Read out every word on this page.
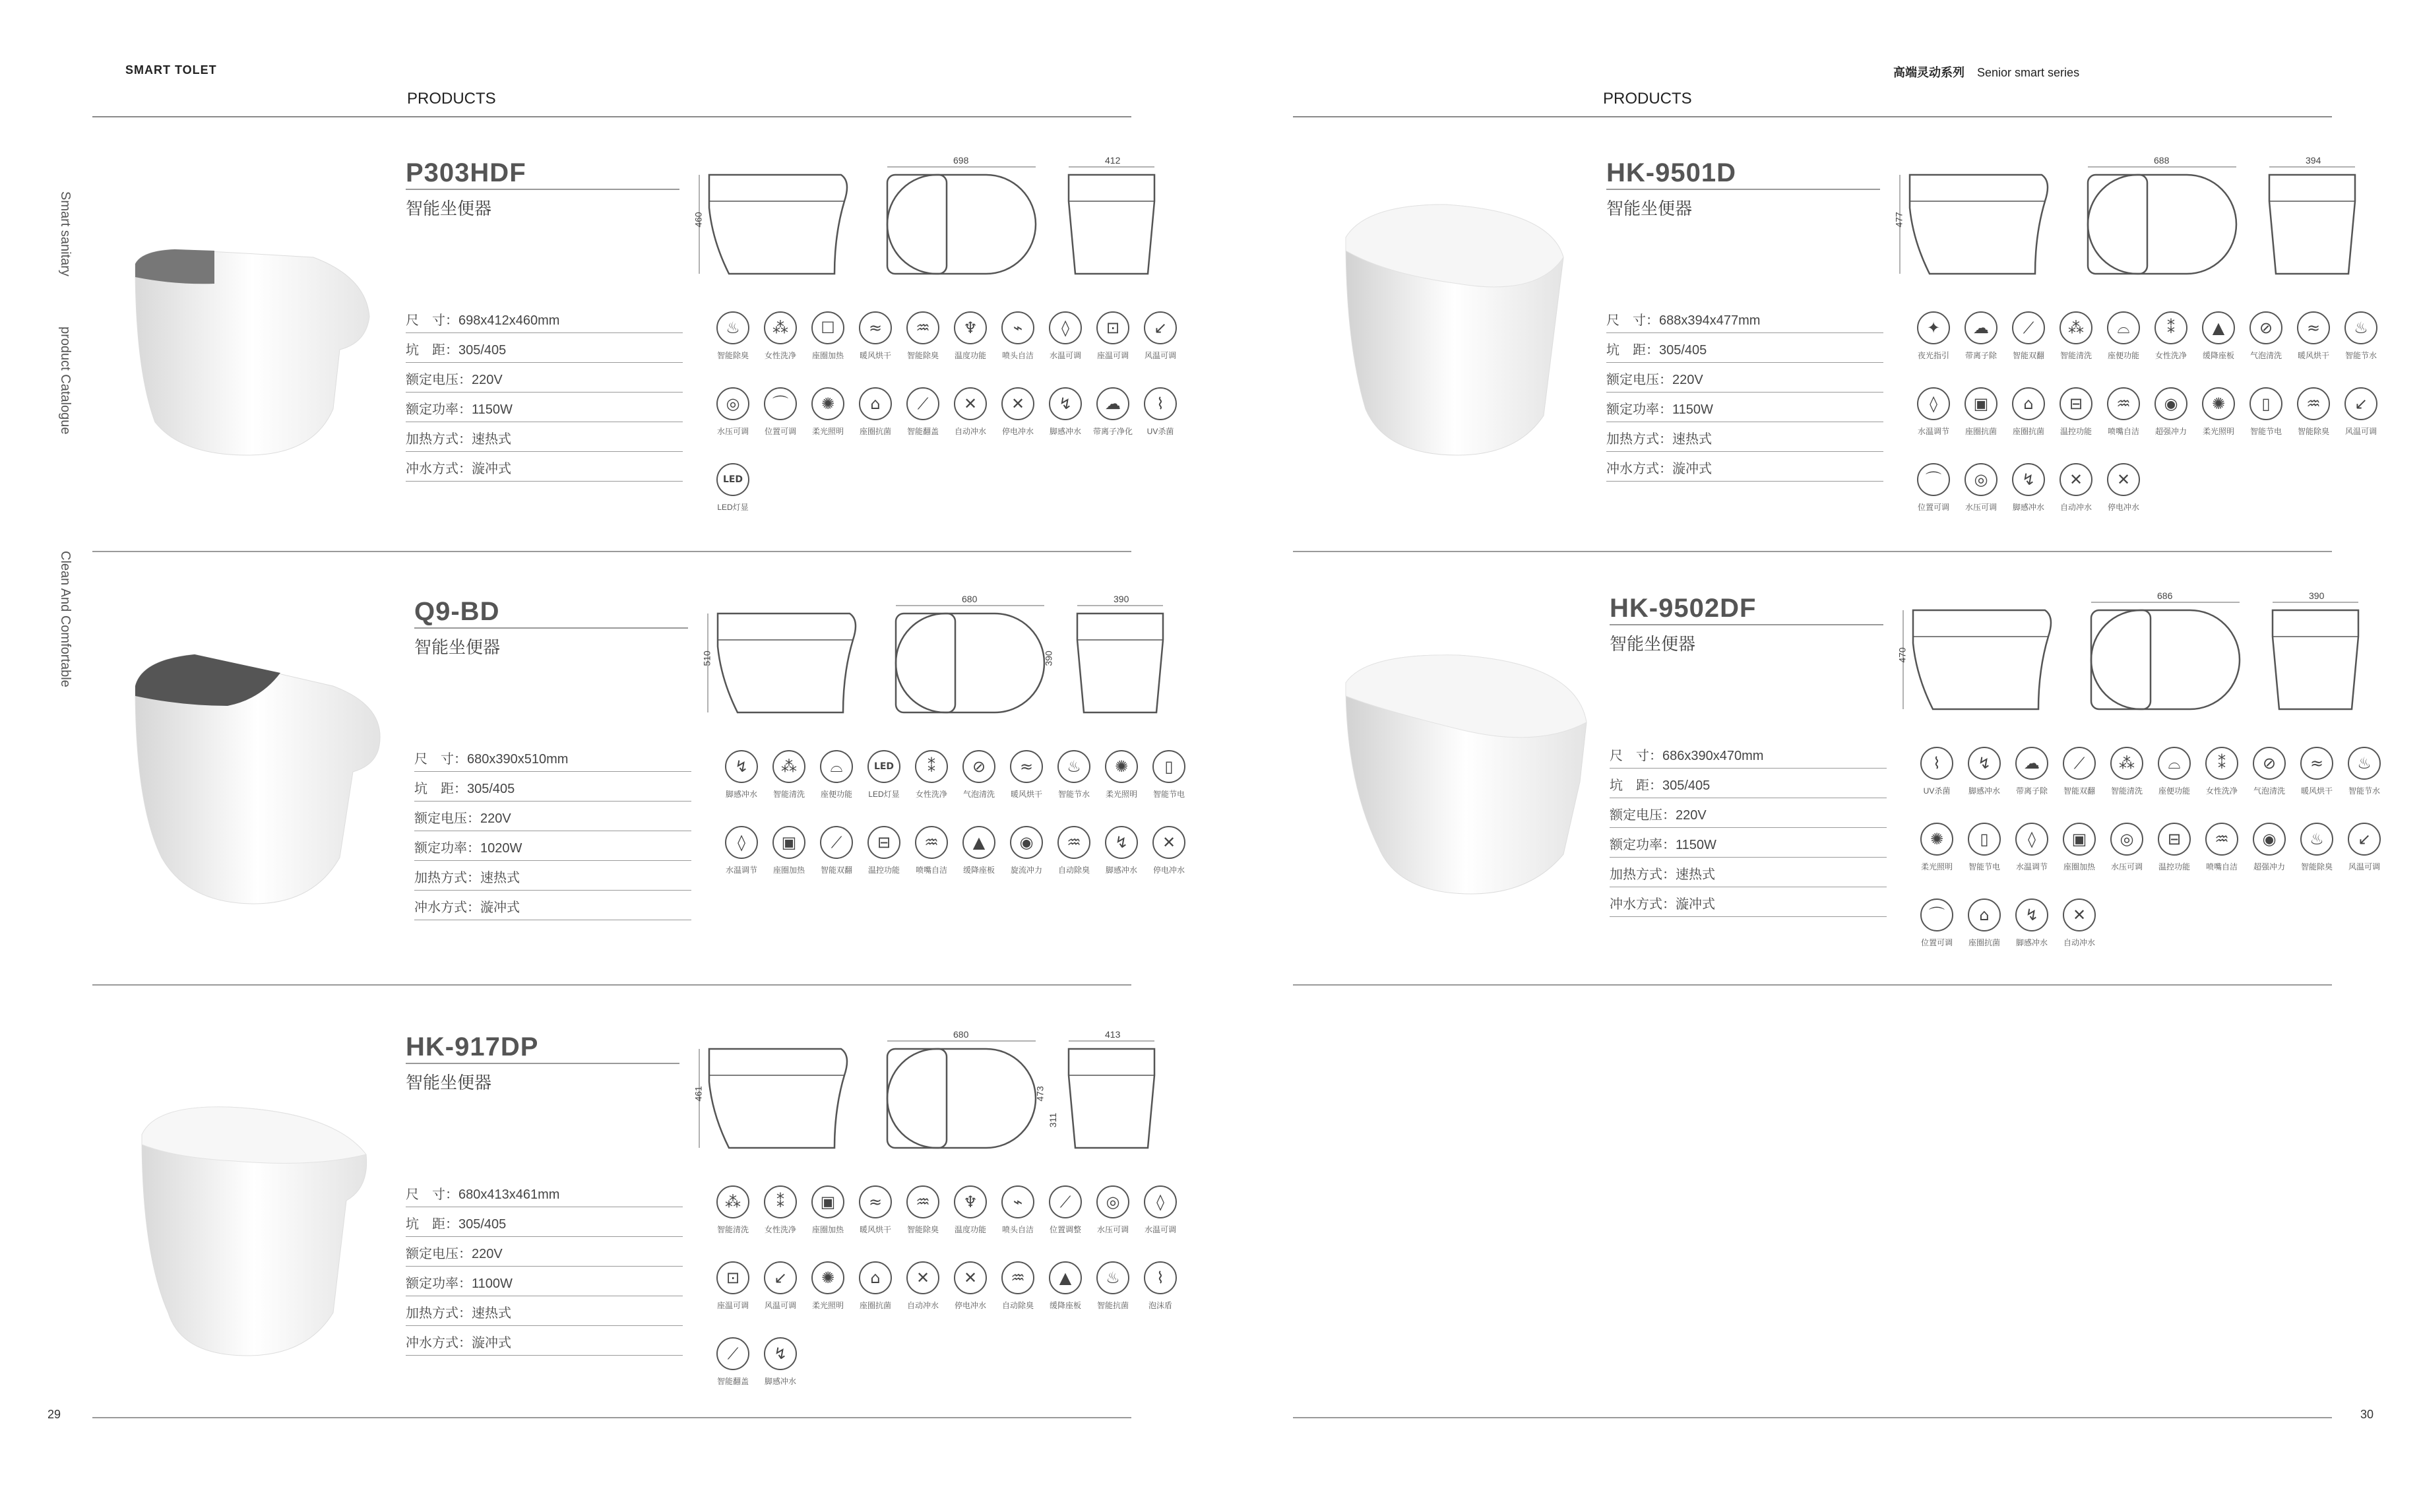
SMART TOLET	高端灵动系列 Senior smart series
PRODUCTS	PRODUCTS
Smart sanitary
product Catalogue
Clean And Comfortable
29	30
P303HDF
智能坐便器
尺　寸：698x412x460mm
坑　距：305/405
额定电压：220V
额定功率：1150W
加热方式：速热式
冲水方式：漩冲式
460
698	412
♨
智能除臭
⁂
女性洗净
☐
座圈加热
≈
暖风烘干
♒
智能除臭
♆
温度功能
⌁
喷头自洁
◊
水温可调
⊡
座温可调
↙
风温可调
◎
水压可调
⌒
位置可调
✺
柔光照明
⌂
座圈抗菌
⟋
智能翻盖
✕
自动冲水
✕
停电冲水
↯
脚感冲水
☁
带离子净化
⌇
UV杀菌
LED
LED灯显
Q9-BD
智能坐便器
尺　寸：680x390x510mm
坑　距：305/405
额定电压：220V
额定功率：1020W
加热方式：速热式
冲水方式：漩冲式
510
680	390
390
↯
脚感冲水
⁂
智能清洗
⌓
座便功能
LED
LED灯显
⁑
女性洗净
⊘
气泡清洗
≈
暖风烘干
♨
智能节水
✺
柔光照明
▯
智能节电
◊
水温调节
▣
座圈加热
⟋
智能双翻
⊟
温控功能
♒
喷嘴自洁
▲
缓降座板
◉
旋流冲力
♒
自动除臭
↯
脚感冲水
✕
停电冲水
HK-917DP
智能坐便器
尺　寸：680x413x461mm
坑　距：305/405
额定电压：220V
额定功率：1100W
加热方式：速热式
冲水方式：漩冲式
461
680	413
473
311
⁂
智能清洗
⁑
女性洗净
▣
座圈加热
≈
暖风烘干
♒
智能除臭
♆
温度功能
⌁
喷头自洁
⟋
位置调整
◎
水压可调
◊
水温可调
⊡
座温可调
↙
风温可调
✺
柔光照明
⌂
座圈抗菌
✕
自动冲水
✕
停电冲水
♒
自动除臭
▲
缓降座板
♨
智能抗菌
⌇
泡沫盾
⟋
智能翻盖
↯
脚感冲水
HK-9501D
智能坐便器
尺　寸：688x394x477mm
坑　距：305/405
额定电压：220V
额定功率：1150W
加热方式：速热式
冲水方式：漩冲式
477
688	394
✦
夜光指引
☁
带离子除
⟋
智能双翻
⁂
智能清洗
⌓
座便功能
⁑
女性洗净
▲
缓降座板
⊘
气泡清洗
≈
暖风烘干
♨
智能节水
◊
水温调节
▣
座圈抗菌
⌂
座圈抗菌
⊟
温控功能
♒
喷嘴自洁
◉
超强冲力
✺
柔光照明
▯
智能节电
♒
智能除臭
↙
风温可调
⌒
位置可调
◎
水压可调
↯
脚感冲水
✕
自动冲水
✕
停电冲水
HK-9502DF
智能坐便器
尺　寸：686x390x470mm
坑　距：305/405
额定电压：220V
额定功率：1150W
加热方式：速热式
冲水方式：漩冲式
470
686	390
⌇
UV杀菌
↯
脚感冲水
☁
带离子除
⟋
智能双翻
⁂
智能清洗
⌓
座便功能
⁑
女性洗净
⊘
气泡清洗
≈
暖风烘干
♨
智能节水
✺
柔光照明
▯
智能节电
◊
水温调节
▣
座圈加热
◎
水压可调
⊟
温控功能
♒
喷嘴自洁
◉
超强冲力
♨
智能除臭
↙
风温可调
⌒
位置可调
⌂
座圈抗菌
↯
脚感冲水
✕
自动冲水
